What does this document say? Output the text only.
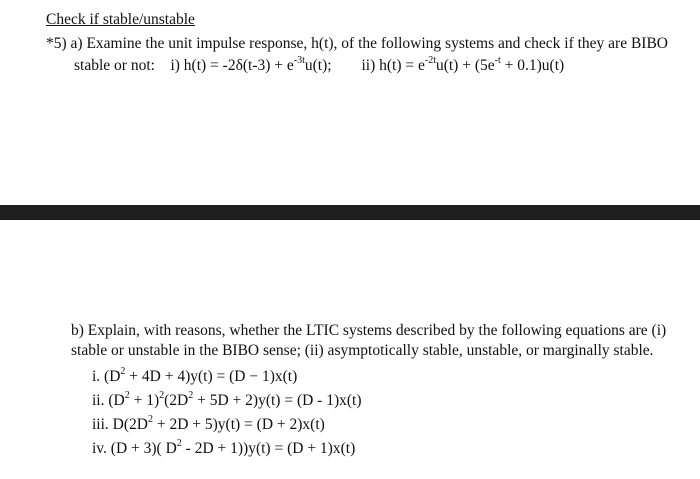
Check if stable/unstable
*5) a) Examine the unit impulse response, h(t), of the following systems and check if they are BIBO
stable or not: i) $h(t) = -2\delta(t-3) + e^{-3t}u(t)$; ii) $h(t) = e^{-2t}u(t) + (5e^{-t} + 0.1)u(t)$
b) Explain, with reasons, whether the LTIC systems described by the following equations are (i) stable or unstable in the BIBO sense; (ii) asymptotically stable, unstable, or marginally stable.
i. $(D^2 + 4D + 4)y(t) = (D - 1)x(t)$
ii. $(D^2 + 1)^2(2D^2 + 5D + 2)y(t) = (D - 1)x(t)$
iii. $D(2D^2 + 2D + 5)y(t) = (D + 2)x(t)$
iv. (D + 3)( $D^2 - 2D + 1))y(t) = (D + 1)x(t)$
